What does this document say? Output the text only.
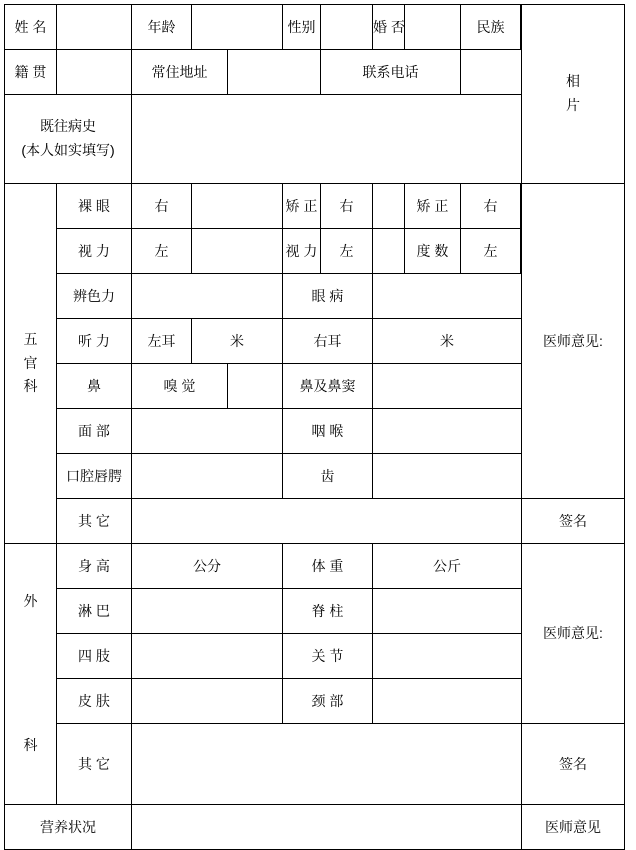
姓 名		年龄			性别		婚 否		民族		相
片

籍 贯		常住地址				联系电话				

既往病史
(本人如实填写)										

五
官
科	裸 眼	右			矫 正	右		矫 正	右		医师意见:
	视 力	左			视 力	左		度 数	左	
	辨色力				眼 病					
	听 力	左耳	米		右耳		米			
	鼻	嗅 觉			鼻及鼻窦					
	面 部				咽 喉					
	口腔唇腭				齿					
	其 它									签名

外
科	身 高	公分			体 重		公斤			医师意见:
	淋 巴				脊 柱					
	四 肢				关 节					
	皮 肤				颈 部					
	其 它									签名
营养状况										医师意见
